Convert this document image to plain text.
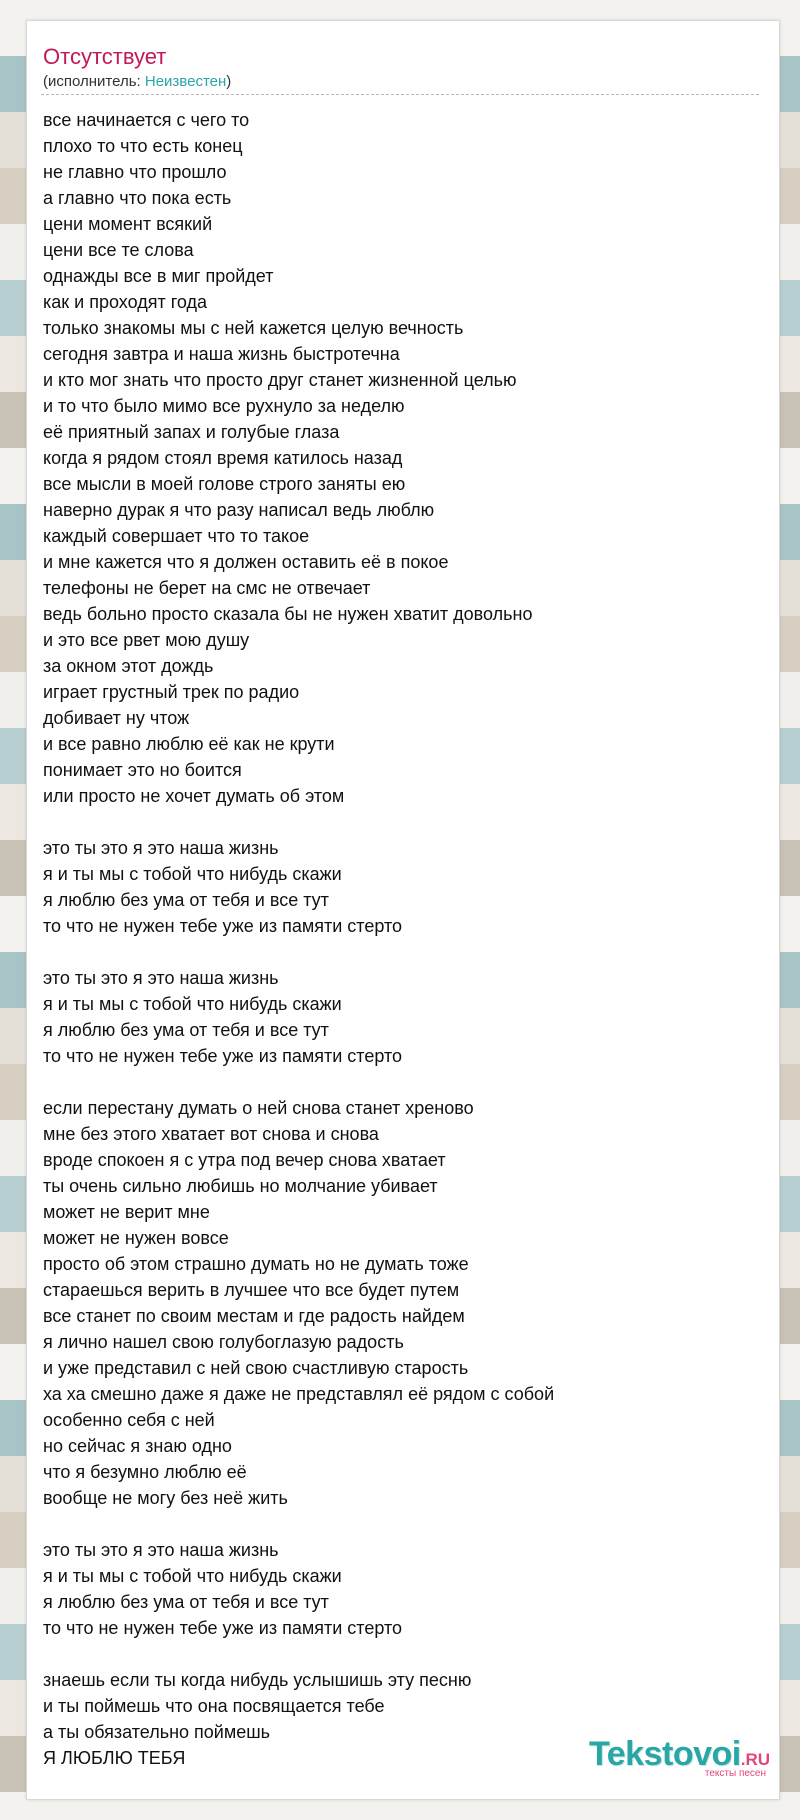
Отсутствует
(исполнитель: Неизвестен)
все начинается с чего то
плохо то что есть конец
не главно что прошло
а главно что пока есть
цени момент всякий
цени все те слова
однажды все в миг пройдет
как и проходят года
только знакомы мы с ней кажется целую вечность
сегодня завтра и наша жизнь быстротечна
и кто мог знать что просто друг станет жизненной целью
и то что было мимо все рухнуло за неделю
её приятный запах и голубые глаза
когда я рядом стоял время катилось назад
все мысли в моей голове строго заняты ею
наверно дурак я что разу написал ведь люблю
каждый совершает что то такое
и мне кажется что я должен оставить её в покое
телефоны не берет на смс не отвечает
ведь больно просто сказала бы не нужен хватит довольно
и это все рвет мою душу
за окном этот дождь
играет грустный трек по радио
добивает ну чтож
и все равно люблю её как не крути
понимает это но боится
или просто не хочет думать об этом
это ты это я это наша жизнь
я и ты мы с тобой что нибудь скажи
я люблю без ума от тебя и все тут
то что не нужен тебе уже из памяти стерто
это ты это я это наша жизнь
я и ты мы с тобой что нибудь скажи
я люблю без ума от тебя и все тут
то что не нужен тебе уже из памяти стерто
если перестану думать о ней снова станет хреново
мне без этого хватает вот снова и снова
вроде спокоен я с утра под вечер снова хватает
ты очень сильно любишь но молчание убивает
может не верит мне
может не нужен вовсе
просто об этом страшно думать но не думать тоже
стараешься верить в лучшее что все будет путем
все станет по своим местам и где радость найдем
я лично нашел свою голубоглазую радость
и уже представил с ней свою счастливую старость
ха ха смешно даже я даже не представлял её рядом с собой
особенно себя с ней
но сейчас я знаю одно
что я безумно люблю её
вообще не могу без неё жить
это ты это я это наша жизнь
я и ты мы с тобой что нибудь скажи
я люблю без ума от тебя и все тут
то что не нужен тебе уже из памяти стерто
знаешь если ты когда нибудь услышишь эту песню
и ты поймешь что она посвящается тебе
а ты обязательно поймешь
Я ЛЮБЛЮ ТЕБЯ	Tekstovoi.RU
тексты песен
